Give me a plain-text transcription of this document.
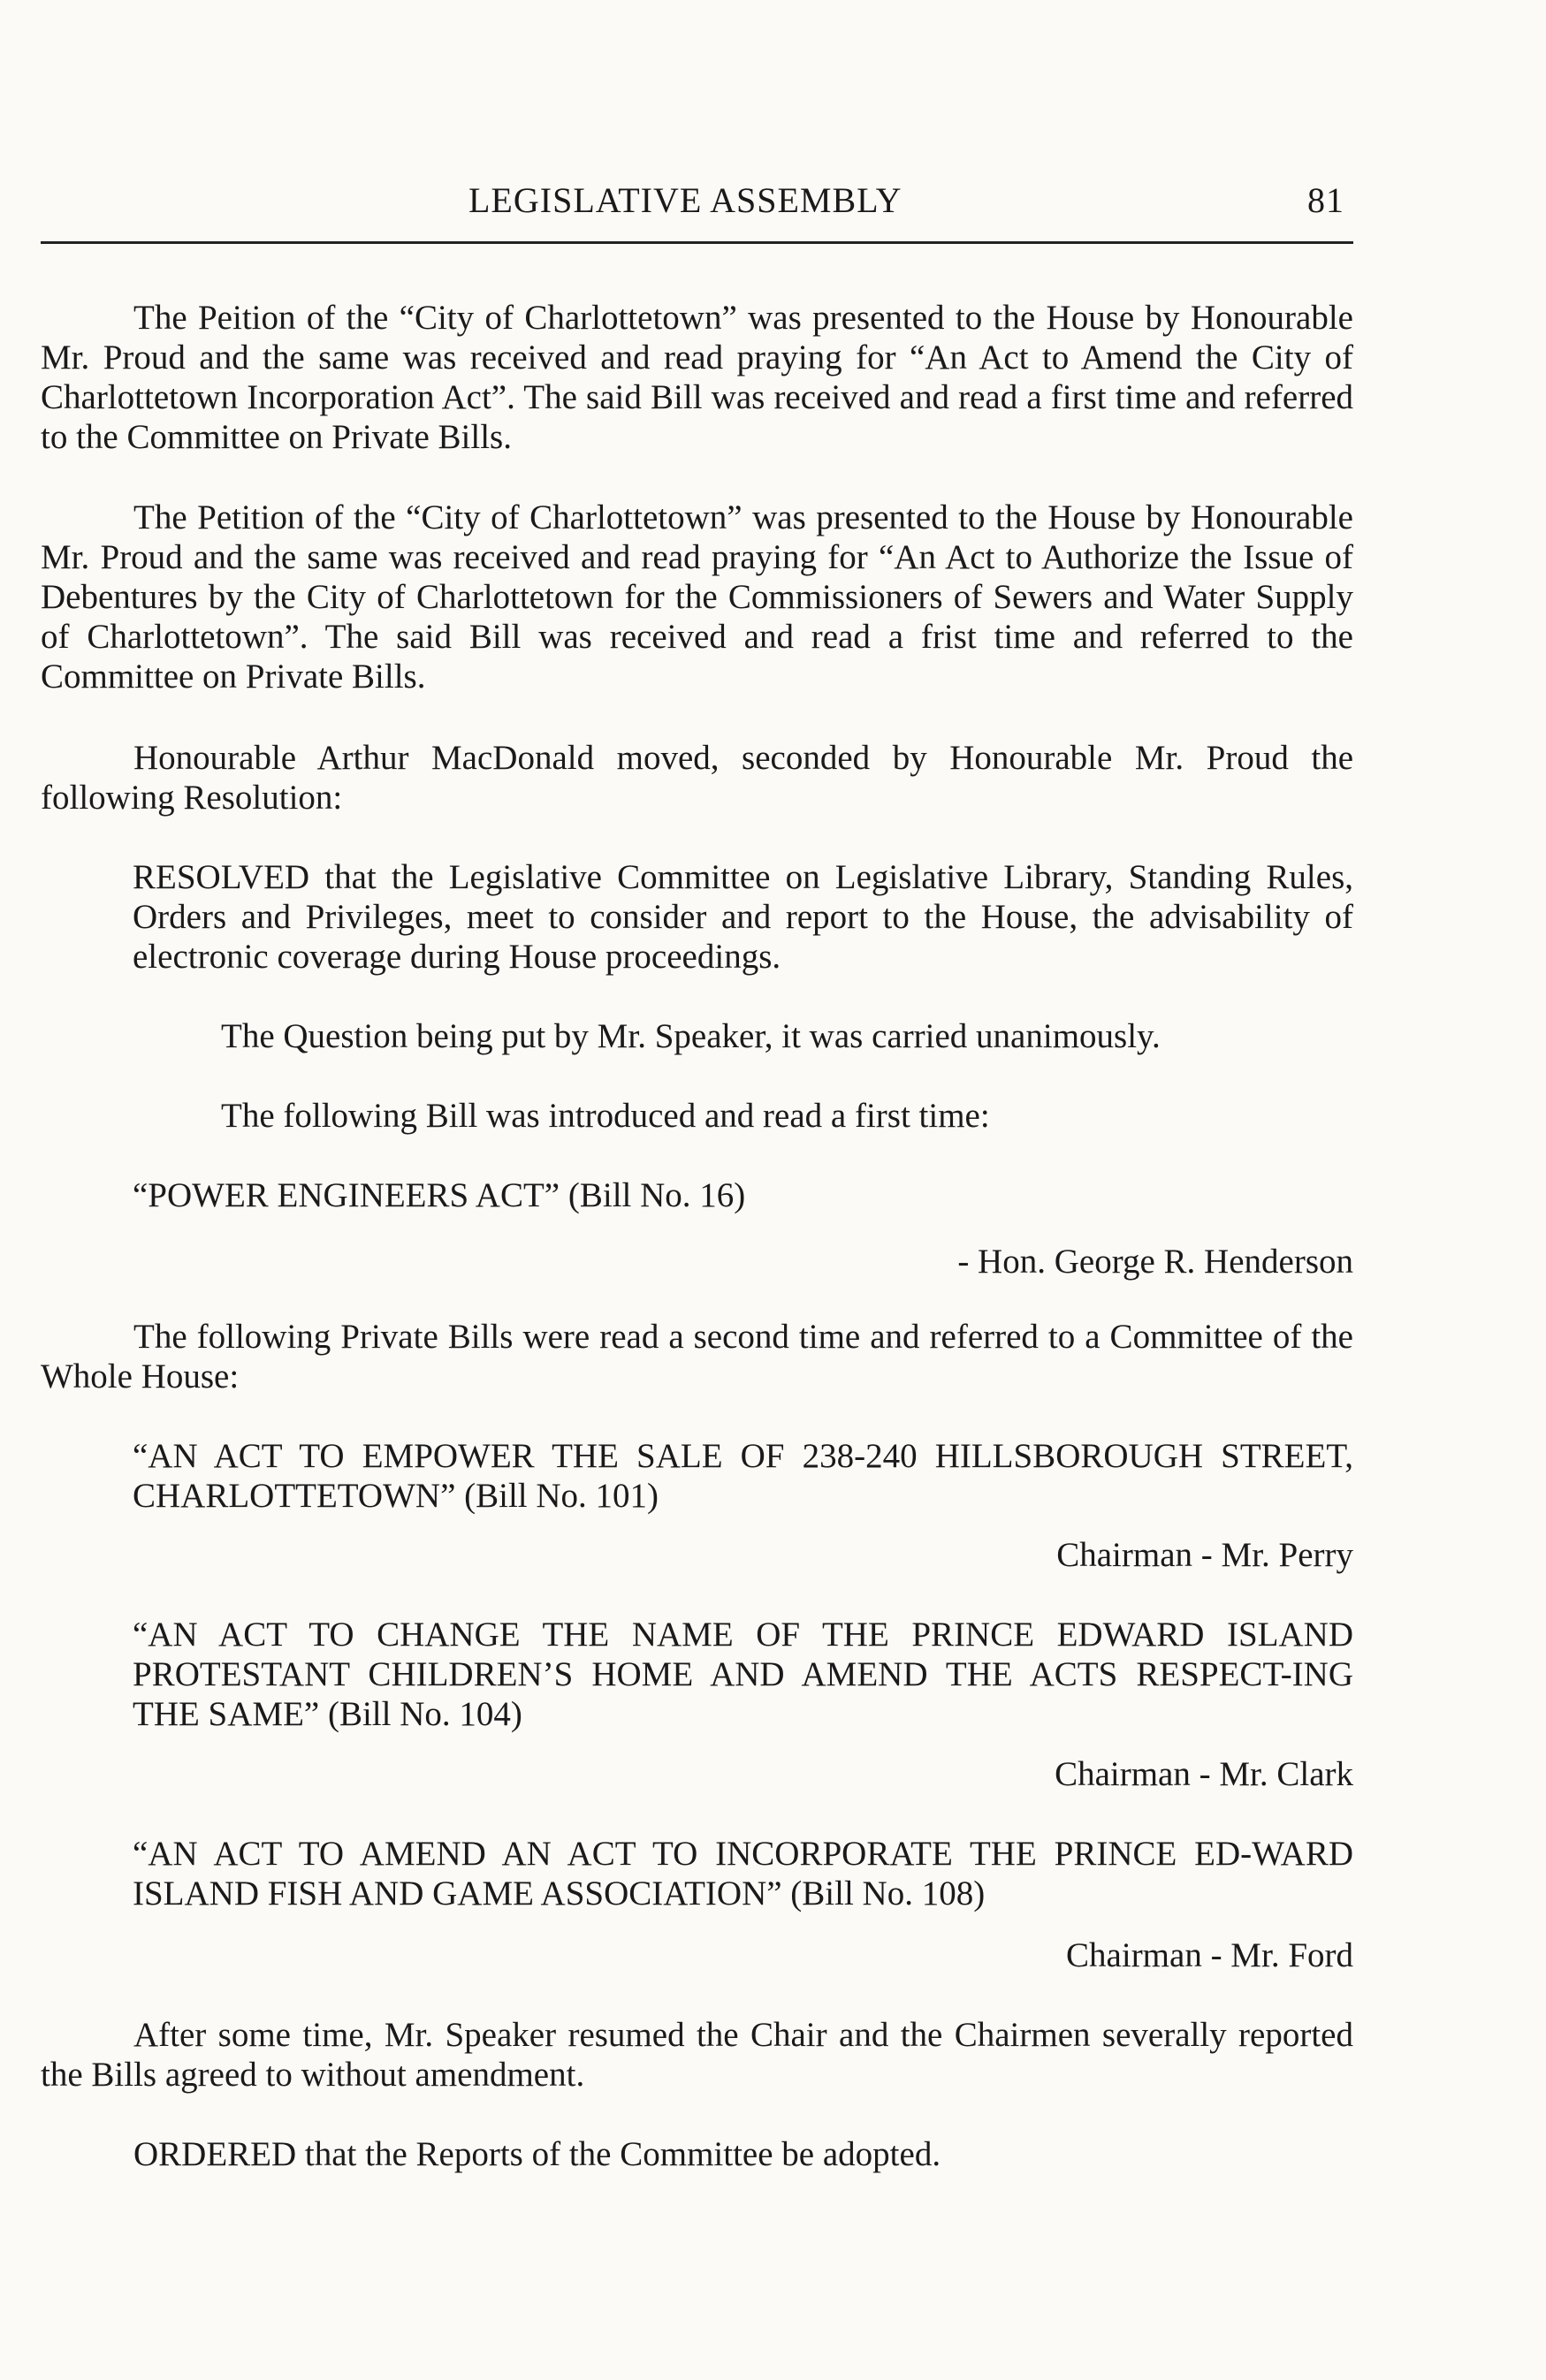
LEGISLATIVE ASSEMBLY	81

The Peition of the “City of Charlottetown” was presented to the House by Honourable Mr. Proud and the same was received and read praying for “An Act to Amend the City of Charlottetown Incorporation Act”. The said Bill was received and read a first time and referred to the Committee on Private Bills.

The Petition of the “City of Charlottetown” was presented to the House by Honourable Mr. Proud and the same was received and read praying for “An Act to Authorize the Issue of Debentures by the City of Charlottetown for the Commissioners of Sewers and Water Supply of Charlottetown”. The said Bill was received and read a frist time and referred to the Committee on Private Bills.

Honourable Arthur MacDonald moved, seconded by Honourable Mr. Proud the following Resolution:

RESOLVED that the Legislative Committee on Legislative Library, Standing Rules, Orders and Privileges, meet to consider and report to the House, the advisability of electronic coverage during House proceedings.

The Question being put by Mr. Speaker, it was carried unanimously.

The following Bill was introduced and read a first time:

“POWER ENGINEERS ACT” (Bill No. 16)

- Hon. George R. Henderson

The following Private Bills were read a second time and referred to a Committee of the Whole House:

“AN ACT TO EMPOWER THE SALE OF 238-240 HILLSBOROUGH STREET, CHARLOTTETOWN” (Bill No. 101)

Chairman - Mr. Perry

“AN ACT TO CHANGE THE NAME OF THE PRINCE EDWARD ISLAND PROTESTANT CHILDREN’S HOME AND AMEND THE ACTS RESPECT-ING THE SAME” (Bill No. 104)

Chairman - Mr. Clark

“AN ACT TO AMEND AN ACT TO INCORPORATE THE PRINCE ED-WARD ISLAND FISH AND GAME ASSOCIATION” (Bill No. 108)

Chairman - Mr. Ford

After some time, Mr. Speaker resumed the Chair and the Chairmen severally reported the Bills agreed to without amendment.

ORDERED that the Reports of the Committee be adopted.
